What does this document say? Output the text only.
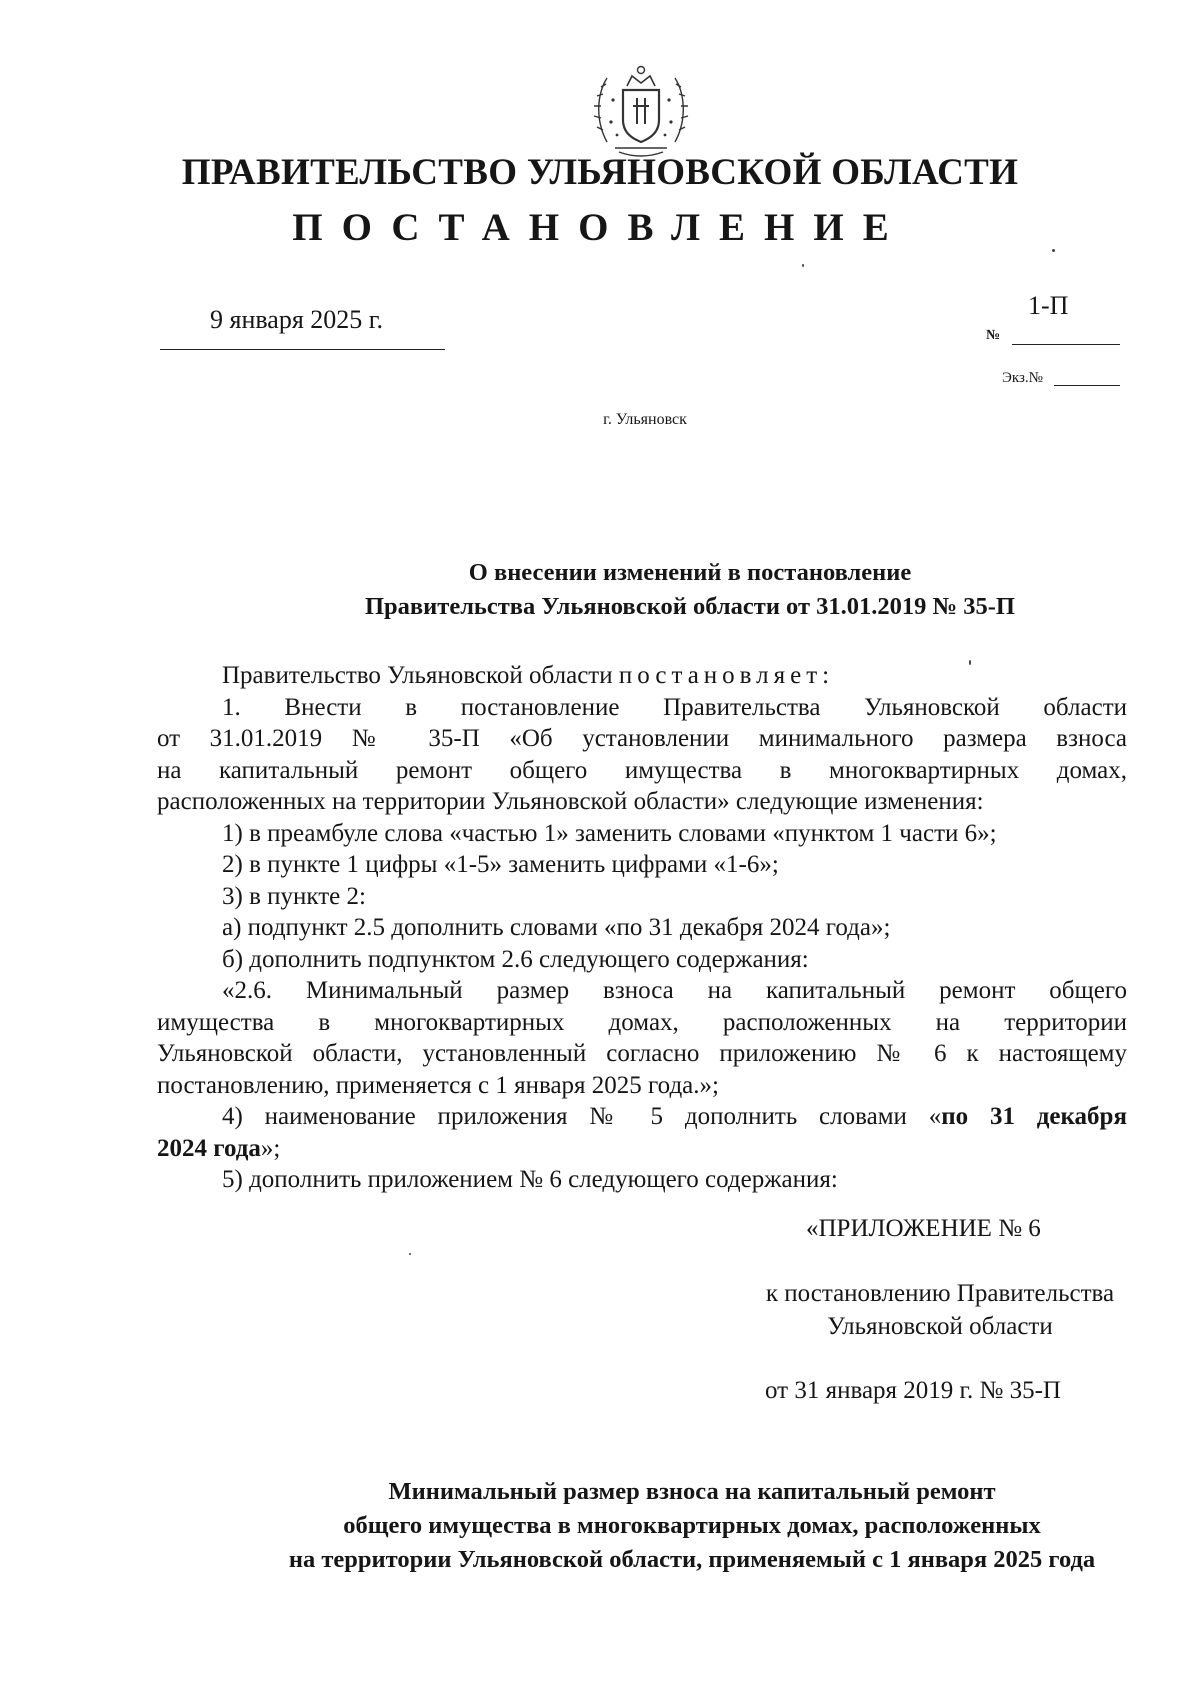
ПРАВИТЕЛЬСТВО УЛЬЯНОВСКОЙ ОБЛАСТИ
ПОСТАНОВЛЕНИЕ
9 января 2025 г.	1-П
№
Экз.№
г. Ульяновск
О внесении изменений в постановление
Правительства Ульяновской области от 31.01.2019 № 35-П

Правительство Ульяновской области постановляет:

1. Внести в постановление Правительства Ульяновской области

от 31.01.2019 № 35-П «Об установлении минимального размера взноса

на капитальный ремонт общего имущества в многоквартирных домах,

расположенных на территории Ульяновской области» следующие изменения:

1) в преамбуле слова «частью 1» заменить словами «пунктом 1 части 6»;

2) в пункте 1 цифры «1-5» заменить цифрами «1-6»;

3) в пункте 2:

а) подпункт 2.5 дополнить словами «по 31 декабря 2024 года»;

б) дополнить подпунктом 2.6 следующего содержания:

«2.6. Минимальный размер взноса на капитальный ремонт общего

имущества в многоквартирных домах, расположенных на территории

Ульяновской области, установленный согласно приложению № 6 к настоящему

постановлению, применяется с 1 января 2025 года.»;

4) наименование приложения № 5 дополнить словами «по 31 декабря

2024 года»;

5) дополнить приложением № 6 следующего содержания:

«ПРИЛОЖЕНИЕ № 6
к постановлению Правительства
Ульяновской области
от 31 января 2019 г. № 35-П
Минимальный размер взноса на капитальный ремонт
общего имущества в многоквартирных домах, расположенных
на территории Ульяновской области, применяемый с 1 января 2025 года
